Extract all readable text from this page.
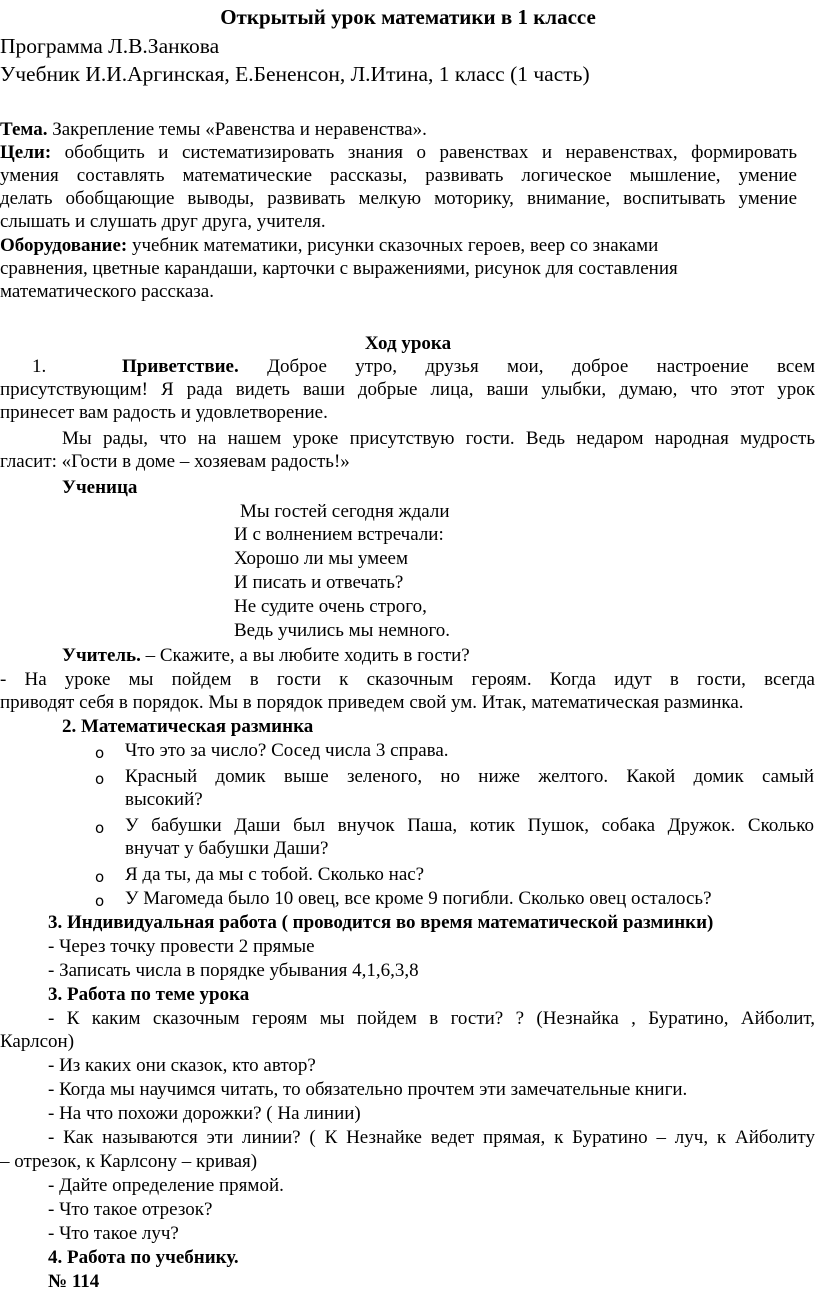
Открытый урок математики в 1 классе
Программа Л.В.Занкова
Учебник И.И.Аргинская, Е.Бененсон, Л.Итина, 1 класс (1 часть)
Тема. Закрепление темы «Равенства и неравенства».
Цели: обобщить и систематизировать знания о равенствах и неравенствах, формировать
умения составлять математические рассказы, развивать логическое мышление, умение
делать обобщающие выводы, развивать мелкую моторику, внимание, воспитывать умение
слышать и слушать друг друга, учителя.
Оборудование: учебник математики, рисунки сказочных героев, веер со знаками
сравнения, цветные карандаши, карточки с выражениями, рисунок для составления
математического рассказа.
Ход урока
1.	Приветствие. Доброе утро, друзья мои, доброе настроение всем
присутствующим! Я рада видеть ваши добрые лица, ваши улыбки, думаю, что этот урок
принесет вам радость и удовлетворение.
Мы рады, что на нашем уроке присутствую гости. Ведь недаром народная мудрость
гласит: «Гости в доме – хозяевам радость!»
Ученица
Мы гостей сегодня ждали
И с волнением встречали:
Хорошо ли мы умеем
И писать и отвечать?
Не судите очень строго,
Ведь учились мы немного.
Учитель. – Скажите, а вы любите ходить в гости?
- На уроке мы пойдем в гости к сказочным героям. Когда идут в гости, всегда
приводят себя в порядок. Мы в порядок приведем свой ум. Итак, математическая разминка.
2. Математическая разминка
o Что это за число? Сосед числа 3 справа.
o Красный домик выше зеленого, но ниже желтого. Какой домик самый
высокий?
o У бабушки Даши был внучок Паша, котик Пушок, собака Дружок. Сколько
внучат у бабушки Даши?
o Я да ты, да мы с тобой. Сколько нас?
o У Магомеда было 10 овец, все кроме 9 погибли. Сколько овец осталось?
3. Индивидуальная работа ( проводится во время математической разминки)
- Через точку провести 2 прямые
- Записать числа в порядке убывания 4,1,6,3,8
3. Работа по теме урока
- К каким сказочным героям мы пойдем в гости? ? (Незнайка , Буратино, Айболит,
Карлсон)
- Из каких они сказок, кто автор?
- Когда мы научимся читать, то обязательно прочтем эти замечательные книги.
- На что похожи дорожки? ( На линии)
- Как называются эти линии? ( К Незнайке ведет прямая, к Буратино – луч, к Айболиту
– отрезок, к Карлсону – кривая)
- Дайте определение прямой.
- Что такое отрезок?
- Что такое луч?
4. Работа по учебнику.
№ 114
